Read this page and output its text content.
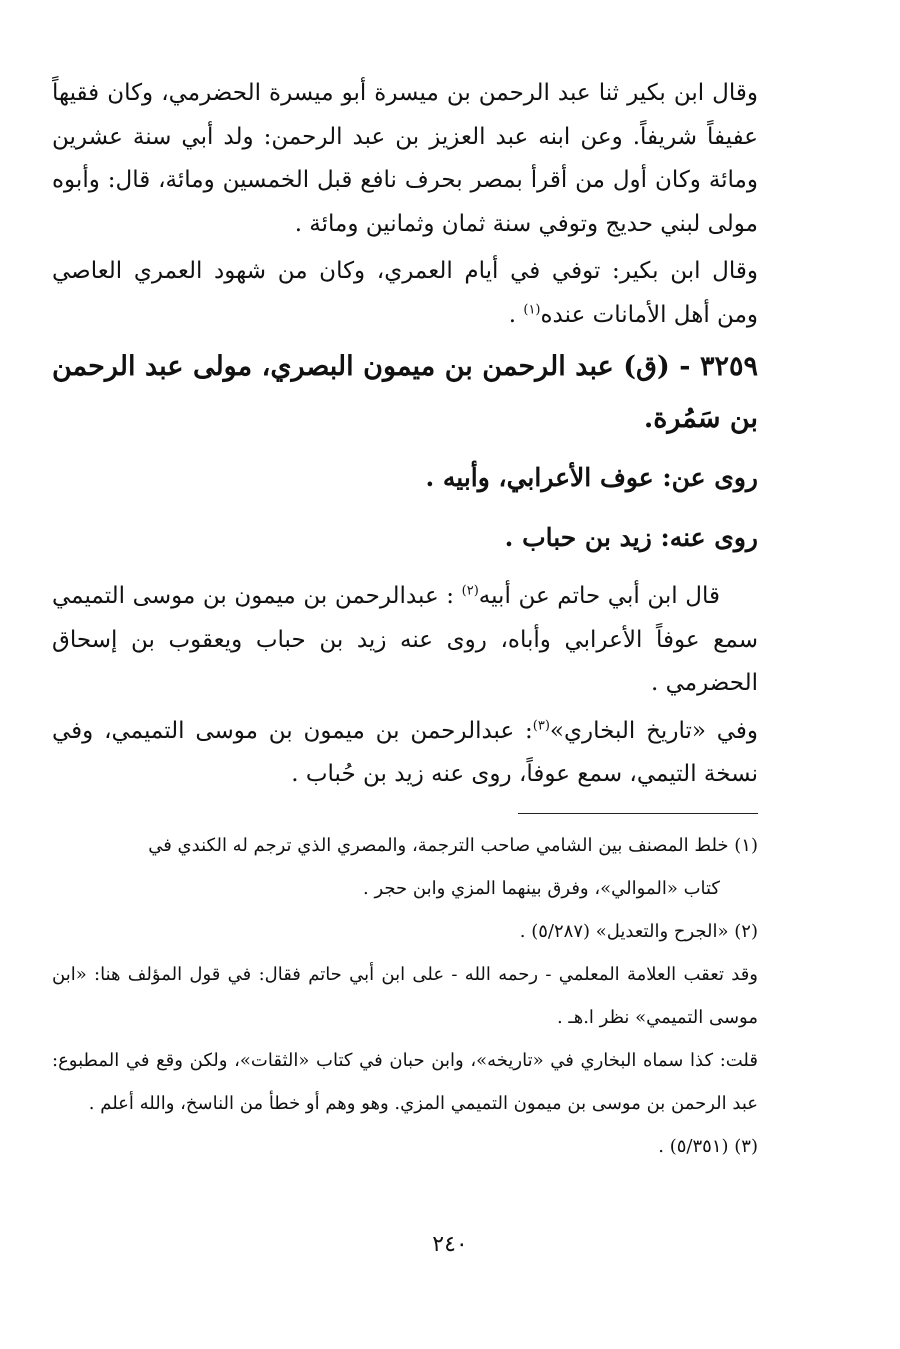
وقال ابن بكير ثنا عبد الرحمن بن ميسرة أبو ميسرة الحضرمي، وكان فقيهاً عفيفاً شريفاً. وعن ابنه عبد العزيز بن عبد الرحمن: ولد أبي سنة عشرين ومائة وكان أول من أقرأ بمصر بحرف نافع قبل الخمسين ومائة، قال: وأبوه مولى لبني حديج وتوفي سنة ثمان وثمانين ومائة .

وقال ابن بكير: توفي في أيام العمري، وكان من شهود العمري العاصي ومن أهل الأمانات عنده$^{(١)}$ .

٣٢٥٩ - (ق) عبد الرحمن بن ميمون البصري، مولى عبد الرحمن بن سَمُرة.

روى عن: عوف الأعرابي، وأبيه .

روى عنه: زيد بن حباب .

قال ابن أبي حاتم عن أبيه$^{(٢)}$ : عبدالرحمن بن ميمون بن موسى التميمي سمع عوفاً الأعرابي وأباه، روى عنه زيد بن حباب ويعقوب بن إسحاق الحضرمي .

وفي «تاريخ البخاري»$^{(٣)}$: عبدالرحمن بن ميمون بن موسى التميمي، وفي نسخة التيمي، سمع عوفاً، روى عنه زيد بن حُباب .

(١) خلط المصنف بين الشامي صاحب الترجمة، والمصري الذي ترجم له الكندي في

كتاب «الموالي»، وفرق بينهما المزي وابن حجر .

(٢) «الجرح والتعديل» (٥/٢٨٧) .

وقد تعقب العلامة المعلمي - رحمه الله - على ابن أبي حاتم فقال: في قول المؤلف هنا: «ابن موسى التميمي» نظر ا.هـ .

قلت: كذا سماه البخاري في «تاريخه»، وابن حبان في كتاب «الثقات»، ولكن وقع في المطبوع: عبد الرحمن بن موسى بن ميمون التميمي المزي. وهو وهم أو خطأ من الناسخ، والله أعلم .

(٣) (٥/٣٥١) .

٢٤٠
